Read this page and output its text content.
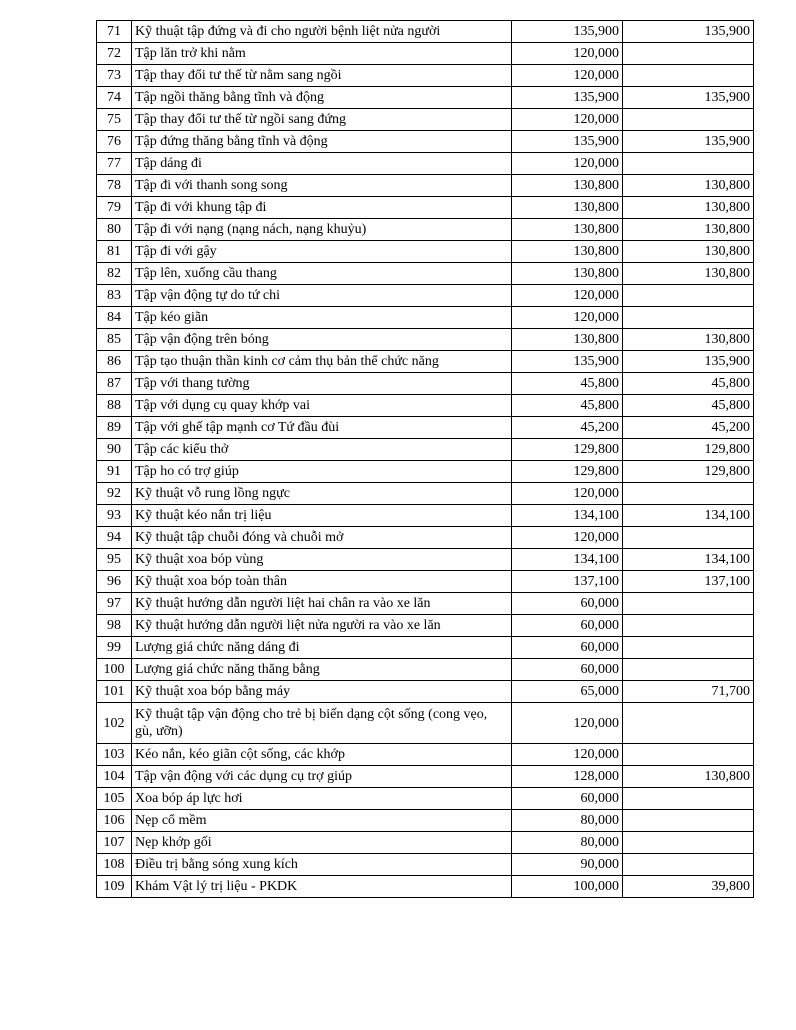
71	Kỹ thuật tập đứng và đi cho người bệnh liệt nửa người	135,900	135,900
72	Tập lăn trở khi nằm	120,000	
73	Tập thay đổi tư thế từ nằm sang ngồi	120,000	
74	Tập ngồi thăng bằng tĩnh và động	135,900	135,900
75	Tập thay đổi tư thế từ ngồi sang đứng	120,000	
76	Tập đứng thăng bằng tĩnh và động	135,900	135,900
77	Tập dáng đi	120,000	
78	Tập đi với thanh song song	130,800	130,800
79	Tập đi với khung tập đi	130,800	130,800
80	Tập đi với nạng (nạng nách, nạng khuỷu)	130,800	130,800
81	Tập đi với gậy	130,800	130,800
82	Tập lên, xuống cầu thang	130,800	130,800
83	Tập vận động tự do tứ chi	120,000	
84	Tập kéo giãn	120,000	
85	Tập vận động trên bóng	130,800	130,800
86	Tập tạo thuận thần kinh cơ cảm thụ bản thể chức năng	135,900	135,900
87	Tập với thang tường	45,800	45,800
88	Tập với dụng cụ quay khớp vai	45,800	45,800
89	Tập với ghế tập mạnh cơ Tứ đầu đùi	45,200	45,200
90	Tập các kiểu thở	129,800	129,800
91	Tập ho có trợ giúp	129,800	129,800
92	Kỹ thuật vỗ rung lồng ngực	120,000	
93	Kỹ thuật kéo nắn trị liệu	134,100	134,100
94	Kỹ thuật tập chuỗi đóng và chuỗi mở	120,000	
95	Kỹ thuật xoa bóp vùng	134,100	134,100
96	Kỹ thuật xoa bóp toàn thân	137,100	137,100
97	Kỹ thuật hướng dẫn người liệt hai chân ra vào xe lăn	60,000	
98	Kỹ thuật hướng dẫn người liệt nửa người ra vào xe lăn	60,000	
99	Lượng giá chức năng dáng đi	60,000	
100	Lượng giá chức năng thăng bằng	60,000	
101	Kỹ thuật xoa bóp bằng máy	65,000	71,700
102	Kỹ thuật tập vận động cho trẻ bị biến dạng cột sống (cong vẹo, gù, ưỡn)	120,000	
103	Kéo nắn, kéo giãn cột sống, các khớp	120,000	
104	Tập vận động với các dụng cụ trợ giúp	128,000	130,800
105	Xoa bóp áp lực hơi	60,000	
106	Nẹp cổ mềm	80,000	
107	Nẹp khớp gối	80,000	
108	Điều trị bằng sóng xung kích	90,000	
109	Khám Vật lý trị liệu - PKDK	100,000	39,800
